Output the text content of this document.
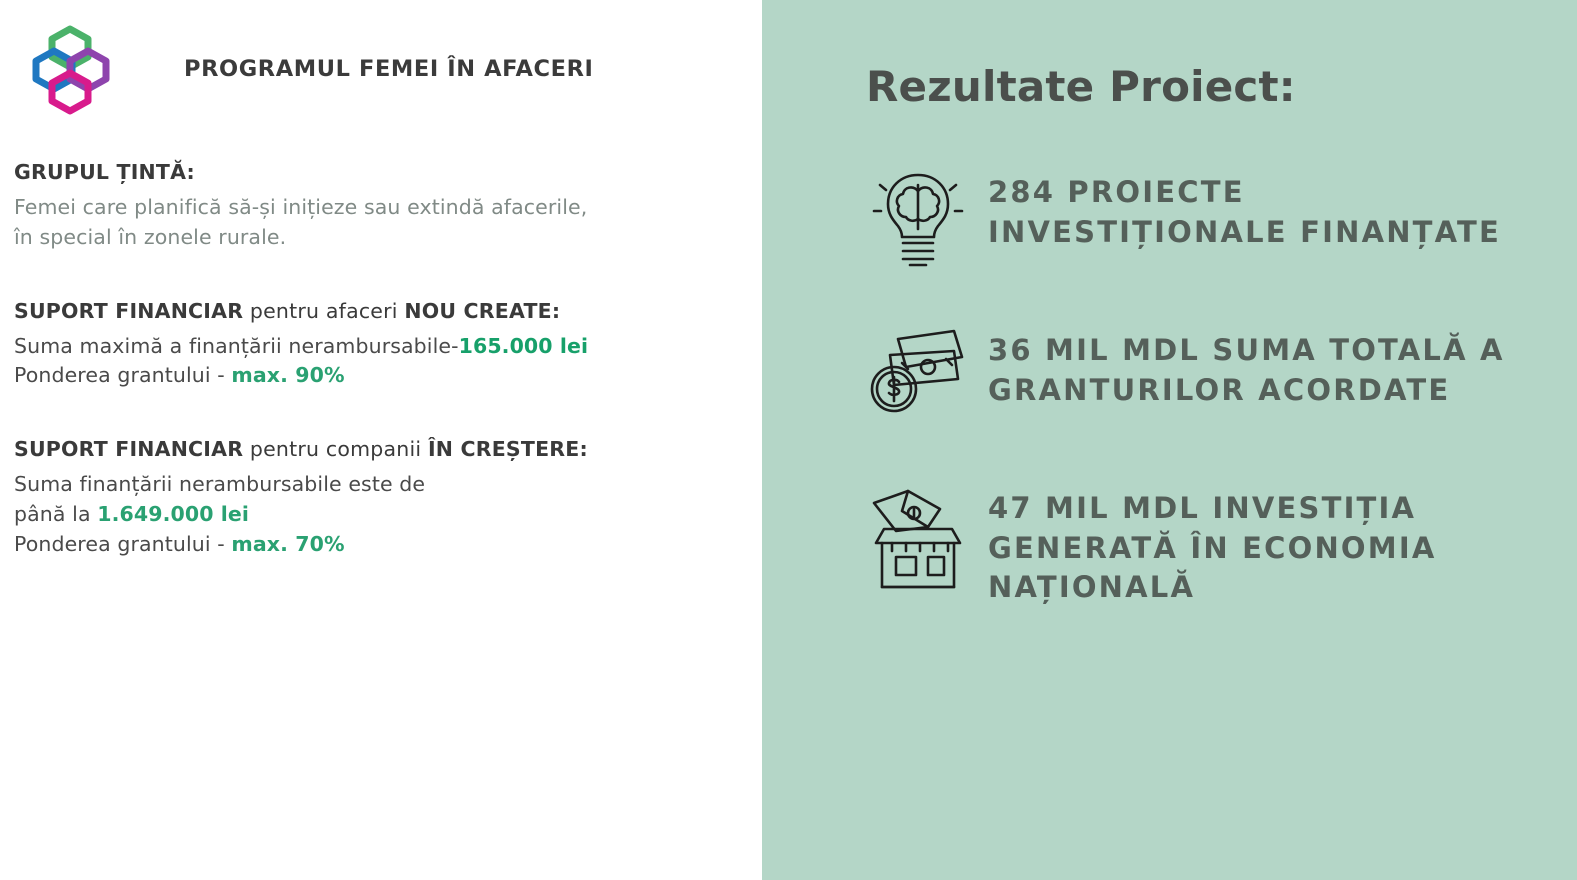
PROGRAMUL FEMEI ÎN AFACERI
GRUPUL ȚINTĂ:
Femei care planifică să-și inițieze sau extindă afacerile,
în special în zonele rurale.
SUPORT FINANCIAR pentru afaceri NOU CREATE:
Suma maximă a finanțării nerambursabile-165.000 lei
Ponderea grantului - max. 90%
SUPORT FINANCIAR pentru companii ÎN CREȘTERE:
Suma finanțării nerambursabile este de
până la 1.649.000 lei
Ponderea grantului - max. 70%
Rezultate Proiect:
284 PROIECTE INVESTIȚIONALE FINANȚATE
36 MIL MDL SUMA TOTALĂ A GRANTURILOR ACORDATE
47 MIL MDL INVESTIȚIA GENERATĂ ÎN ECONOMIA NAȚIONALĂ
